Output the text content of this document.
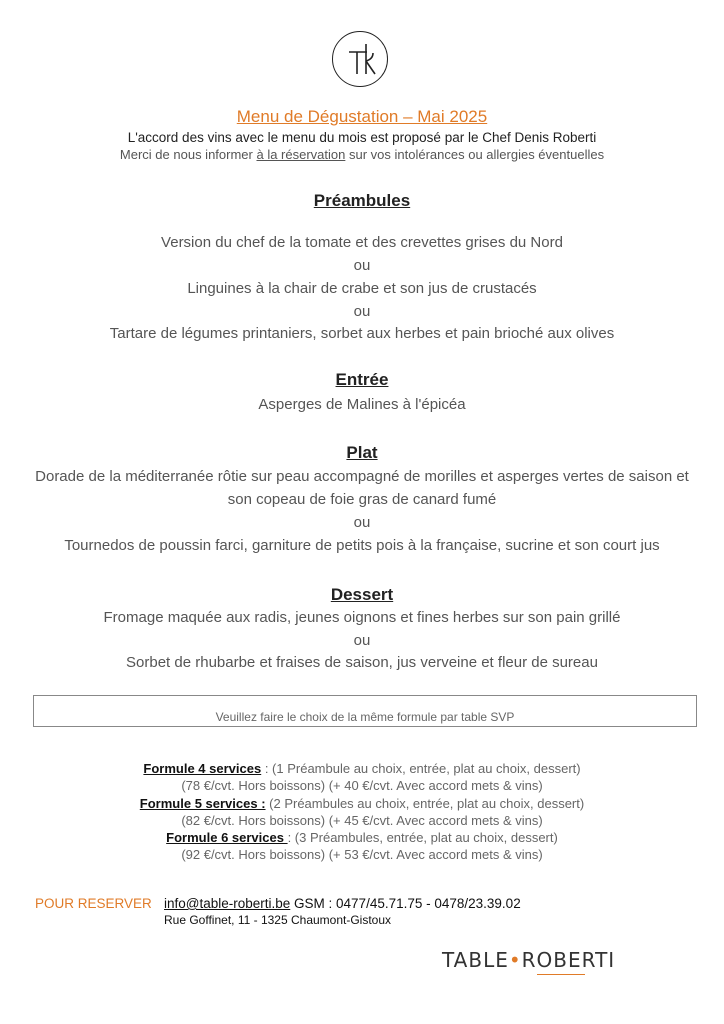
Menu de Dégustation – Mai 2025
L'accord des vins avec le menu du mois est proposé par le Chef Denis Roberti
Merci de nous informer à la réservation sur vos intolérances ou allergies éventuelles
Préambules
Version du chef de la tomate et des crevettes grises du Nord
ou
Linguines à la chair de crabe et son jus de crustacés
ou
Tartare de légumes printaniers, sorbet aux herbes et pain brioché aux olives
Entrée
Asperges de Malines à l'épicéa
Plat
Dorade de la méditerranée rôtie sur peau accompagné de morilles et asperges vertes de saison et
son copeau de foie gras de canard fumé
ou
Tournedos de poussin farci, garniture de petits pois à la française, sucrine et son court jus
Dessert
Fromage maquée aux radis, jeunes oignons et fines herbes sur son pain grillé
ou
Sorbet de rhubarbe et fraises de saison, jus verveine et fleur de sureau
Veuillez faire le choix de la même formule par table SVP
Formule 4 services : (1 Préambule au choix, entrée, plat au choix, dessert)
(78 €/cvt. Hors boissons) (+ 40 €/cvt. Avec accord mets & vins)
Formule 5 services : (2 Préambules au choix, entrée, plat au choix, dessert)
(82 €/cvt. Hors boissons) (+ 45 €/cvt. Avec accord mets & vins)
Formule 6 services : (3 Préambules, entrée, plat au choix, dessert)
(92 €/cvt. Hors boissons) (+ 53 €/cvt. Avec accord mets & vins)
POUR RESERVER info@table-roberti.be GSM : 0477/45.71.75 - 0478/23.39.02
Rue Goffinet, 11 - 1325 Chaumont-Gistoux
TABLE•ROBERTI
